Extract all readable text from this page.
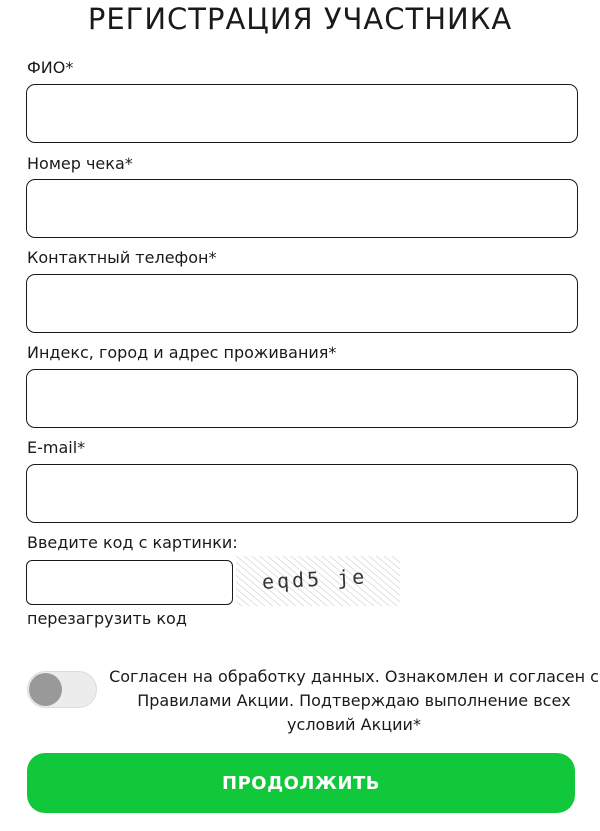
РЕГИСТРАЦИЯ УЧАСТНИКА
ФИО*
Номер чека*
Контактный телефон*
Индекс, город и адрес проживания*
E-mail*
Введите код с картинки:
eqd5 je
перезагрузить код
Согласен на обработку данных. Ознакомлен и согласен с Правилами Акции. Подтверждаю выполнение всех условий Акции*
ПРОДОЛЖИТЬ
